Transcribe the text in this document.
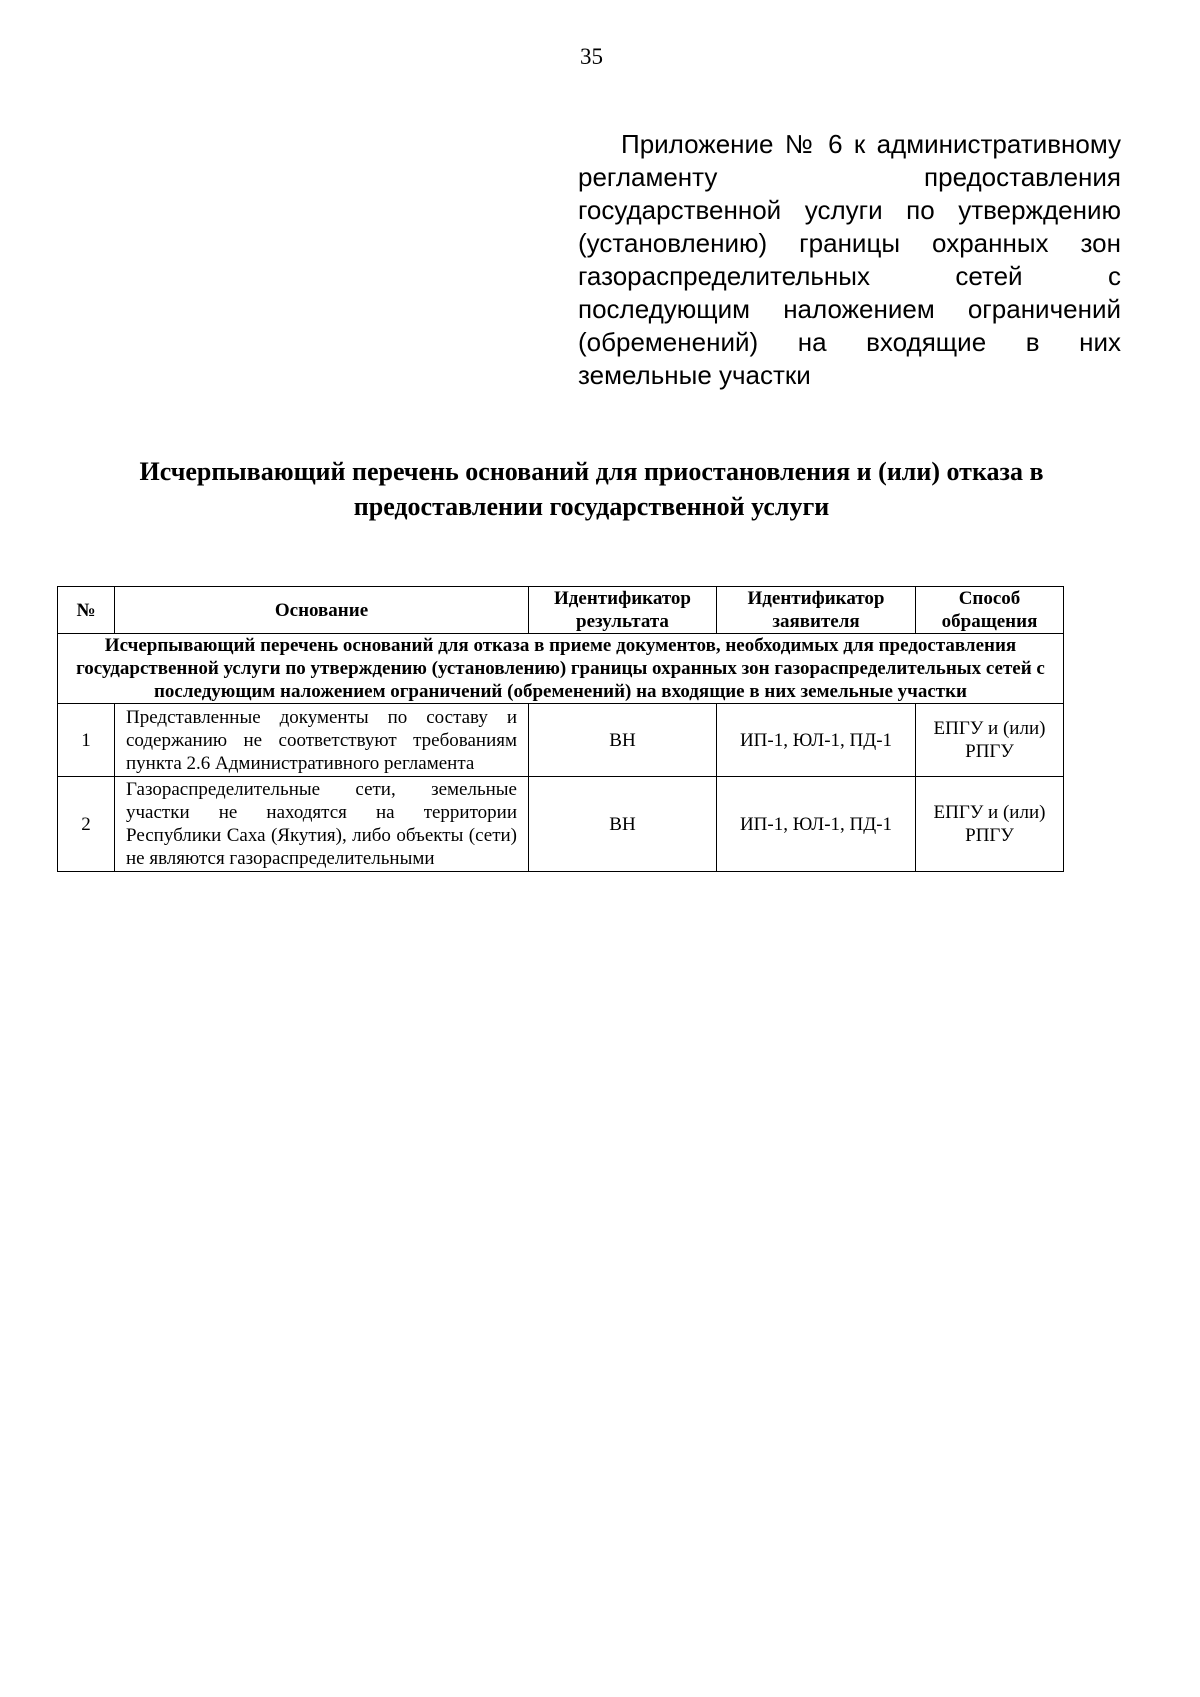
35
Приложение № 6 к административному регламенту предоставления государственной услуги по утверждению (установлению) границы охранных зон газораспределительных сетей с последующим наложением ограничений (обременений) на входящие в них земельные участки
Исчерпывающий перечень оснований для приостановления и (или) отказа в предоставлении государственной услуги
№	Основание	Идентификатор результата	Идентификатор заявителя	Способ обращения
Исчерпывающий перечень оснований для отказа в приеме документов, необходимых для предоставления государственной услуги по утверждению (установлению) границы охранных зон газораспределительных сетей с последующим наложением ограничений (обременений) на входящие в них земельные участки				
1	Представленные документы по составу и содержанию не соответствуют требованиям пункта 2.6 Административного регламента	ВН	ИП-1, ЮЛ-1, ПД-1	ЕПГУ и (или) РПГУ
2	Газораспределительные сети, земельные участки не находятся на территории Республики Саха (Якутия), либо объекты (сети) не являются газораспределительными	ВН	ИП-1, ЮЛ-1, ПД-1	ЕПГУ и (или) РПГУ
